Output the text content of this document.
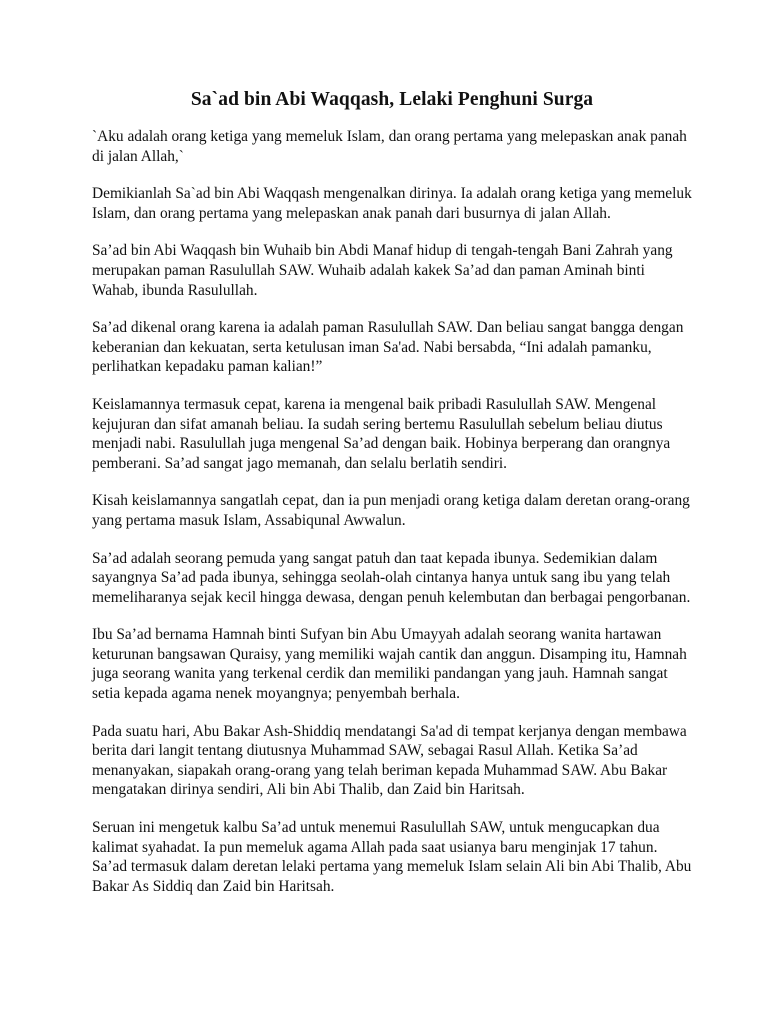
Sa`ad bin Abi Waqqash, Lelaki Penghuni Surga

`Aku adalah orang ketiga yang memeluk Islam, dan orang pertama yang melepaskan anak panah di jalan Allah,`

Demikianlah Sa`ad bin Abi Waqqash mengenalkan dirinya. Ia adalah orang ketiga yang memeluk Islam, dan orang pertama yang melepaskan anak panah dari busurnya di jalan Allah.

Sa’ad bin Abi Waqqash bin Wuhaib bin Abdi Manaf hidup di tengah-tengah Bani Zahrah yang merupakan paman Rasulullah SAW. Wuhaib adalah kakek Sa’ad dan paman Aminah binti Wahab, ibunda Rasulullah.

Sa’ad dikenal orang karena ia adalah paman Rasulullah SAW. Dan beliau sangat bangga dengan keberanian dan kekuatan, serta ketulusan iman Sa'ad. Nabi bersabda, “Ini adalah pamanku, perlihatkan kepadaku paman kalian!”

Keislamannya termasuk cepat, karena ia mengenal baik pribadi Rasulullah SAW. Mengenal kejujuran dan sifat amanah beliau. Ia sudah sering bertemu Rasulullah sebelum beliau diutus menjadi nabi. Rasulullah juga mengenal Sa’ad dengan baik. Hobinya berperang dan orangnya pemberani. Sa’ad sangat jago memanah, dan selalu berlatih sendiri.

Kisah keislamannya sangatlah cepat, dan ia pun menjadi orang ketiga dalam deretan orang-orang yang pertama masuk Islam, Assabiqunal Awwalun.

Sa’ad adalah seorang pemuda yang sangat patuh dan taat kepada ibunya. Sedemikian dalam sayangnya Sa’ad pada ibunya, sehingga seolah-olah cintanya hanya untuk sang ibu yang telah memeliharanya sejak kecil hingga dewasa, dengan penuh kelembutan dan berbagai pengorbanan.

Ibu Sa’ad bernama Hamnah binti Sufyan bin Abu Umayyah adalah seorang wanita hartawan keturunan bangsawan Quraisy, yang memiliki wajah cantik dan anggun. Disamping itu, Hamnah juga seorang wanita yang terkenal cerdik dan memiliki pandangan yang jauh. Hamnah sangat setia kepada agama nenek moyangnya; penyembah berhala.

Pada suatu hari, Abu Bakar Ash-Shiddiq mendatangi Sa'ad di tempat kerjanya dengan membawa berita dari langit tentang diutusnya Muhammad SAW, sebagai Rasul Allah. Ketika Sa’ad menanyakan, siapakah orang-orang yang telah beriman kepada Muhammad SAW. Abu Bakar mengatakan dirinya sendiri, Ali bin Abi Thalib, dan Zaid bin Haritsah.

Seruan ini mengetuk kalbu Sa’ad untuk menemui Rasulullah SAW, untuk mengucapkan dua kalimat syahadat. Ia pun memeluk agama Allah pada saat usianya baru menginjak 17 tahun. Sa’ad termasuk dalam deretan lelaki pertama yang memeluk Islam selain Ali bin Abi Thalib, Abu Bakar As Siddiq dan Zaid bin Haritsah.
